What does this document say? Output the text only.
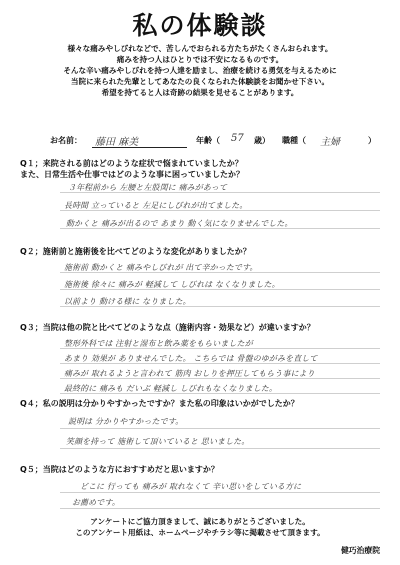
私の体験談
様々な痛みやしびれなどで、苦しんでおられる方たちがたくさんおられます。
痛みを持つ人はひとりでは不安になるものです。
そんな辛い痛みやしびれを持つ人達を励まし、治療を続ける勇気を与えるために
当院に来られた先輩としてあなたの良くなられた体験談をお聞かせ下さい。
希望を持てると人は奇跡の結果を見せることがあります。
お名前： 藤田 麻美	年齢（ 57 歳） 職種（ 主婦	）
Q１；来院される前はどのような症状で悩まれていましたか？
また、日常生活や仕事ではどのような事に困っていましたか？
３年程前から 左腰と左股関に 痛みがあって
長時間 立っていると 左足にしびれが出てました。
動かくと 痛みが出るので あまり 動く気になりませんでした。
Q２；施術前と施術後を比べてどのような変化がありましたか？
施術前 動かくと 痛みやしびれが 出て辛かったです。
施術後 徐々に 痛みが 軽減して しびれは なくなりました。
以前より 動ける様に なりました。
Q３；当院は他の院と比べてどのような点（施術内容・効果など）が違いますか？
整形外科では 注射と湿布と飲み薬をもらいましたが
あまり 効果が ありませんでした。 こちらでは 骨盤のゆがみを直して
痛みが 取れるようと言われて 筋肉 おしりを押圧してもらう事により
最終的に 痛みも だいぶ 軽減し しびれもなくなりました。
Q４；私の説明は分かりやすかったですか？また私の印象はいかがでしたか？
説明は 分かりやすかったです。
笑顔を持って 施術して頂いていると 思いました。
Q５；当院はどのような方におすすめだと思いますか？
どこに 行っても 痛みが 取れなくて 辛い思いをしている方に
お薦めです。
アンケートにご協力頂きまして、誠にありがとうございました。
このアンケート用紙は、ホームページやチラシ等に掲載させて頂きます。
健巧治療院
